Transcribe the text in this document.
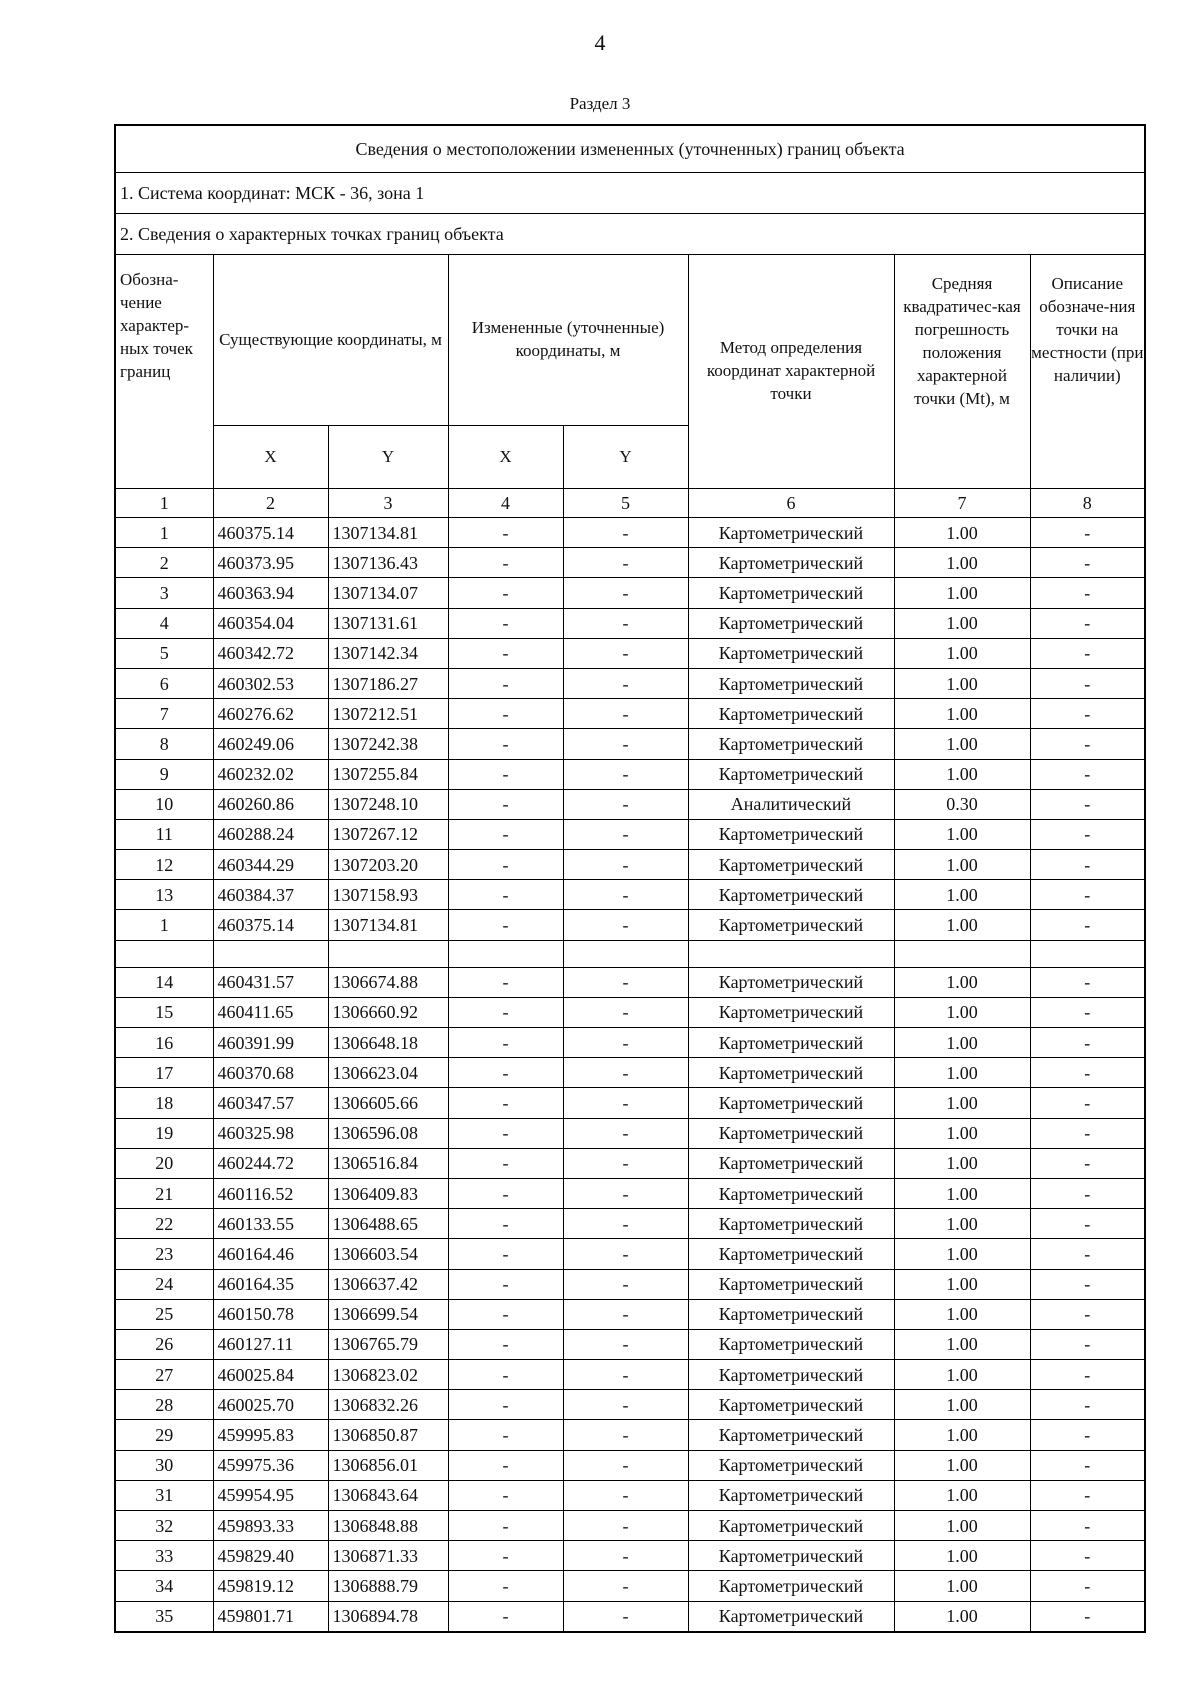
4
Раздел 3
Сведения о местоположении измененных (уточненных) границ объекта							
1. Система координат: МСК - 36, зона 1							
2. Сведения о характерных точках границ объекта							
Обозна-чение характер-ных точек границ	Существующие координаты, м		Измененные (уточненные) координаты, м		Метод определения координат характерной точки	Средняя квадратичес-кая погрешность положения характерной точки (Mt), м	Описание обозначе-ния точки на местности (при наличии)
	X	Y	X	Y			
1	2	3	4	5	6	7	8
1	460375.14	1307134.81	-	-	Картометрический	1.00	-
2	460373.95	1307136.43	-	-	Картометрический	1.00	-
3	460363.94	1307134.07	-	-	Картометрический	1.00	-
4	460354.04	1307131.61	-	-	Картометрический	1.00	-
5	460342.72	1307142.34	-	-	Картометрический	1.00	-
6	460302.53	1307186.27	-	-	Картометрический	1.00	-
7	460276.62	1307212.51	-	-	Картометрический	1.00	-
8	460249.06	1307242.38	-	-	Картометрический	1.00	-
9	460232.02	1307255.84	-	-	Картометрический	1.00	-
10	460260.86	1307248.10	-	-	Аналитический	0.30	-
11	460288.24	1307267.12	-	-	Картометрический	1.00	-
12	460344.29	1307203.20	-	-	Картометрический	1.00	-
13	460384.37	1307158.93	-	-	Картометрический	1.00	-
1	460375.14	1307134.81	-	-	Картометрический	1.00	-

14	460431.57	1306674.88	-	-	Картометрический	1.00	-
15	460411.65	1306660.92	-	-	Картометрический	1.00	-
16	460391.99	1306648.18	-	-	Картометрический	1.00	-
17	460370.68	1306623.04	-	-	Картометрический	1.00	-
18	460347.57	1306605.66	-	-	Картометрический	1.00	-
19	460325.98	1306596.08	-	-	Картометрический	1.00	-
20	460244.72	1306516.84	-	-	Картометрический	1.00	-
21	460116.52	1306409.83	-	-	Картометрический	1.00	-
22	460133.55	1306488.65	-	-	Картометрический	1.00	-
23	460164.46	1306603.54	-	-	Картометрический	1.00	-
24	460164.35	1306637.42	-	-	Картометрический	1.00	-
25	460150.78	1306699.54	-	-	Картометрический	1.00	-
26	460127.11	1306765.79	-	-	Картометрический	1.00	-
27	460025.84	1306823.02	-	-	Картометрический	1.00	-
28	460025.70	1306832.26	-	-	Картометрический	1.00	-
29	459995.83	1306850.87	-	-	Картометрический	1.00	-
30	459975.36	1306856.01	-	-	Картометрический	1.00	-
31	459954.95	1306843.64	-	-	Картометрический	1.00	-
32	459893.33	1306848.88	-	-	Картометрический	1.00	-
33	459829.40	1306871.33	-	-	Картометрический	1.00	-
34	459819.12	1306888.79	-	-	Картометрический	1.00	-
35	459801.71	1306894.78	-	-	Картометрический	1.00	-
